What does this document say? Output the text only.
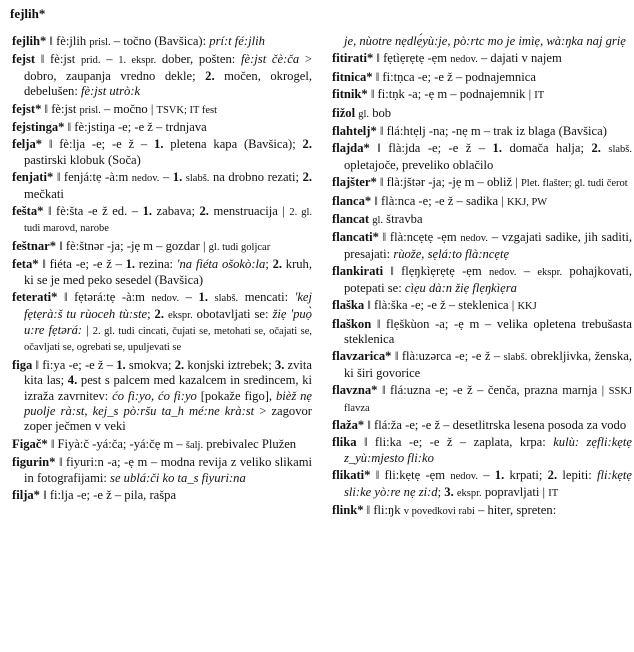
fejlih*
fejlih* ‖ fè:jlih prisl. – točno (Bavšica): prí:t fé:jlih
fejst ‖ fè:jst prid. – 1. ekspr. dober, pošten: fè:jst čè:ča > dobro, zaupanja vredno dekle; 2. močen, okrogel, debelušen: fè:jst utrò:k
fejst* ‖ fè:jst prisl. – močno | TSVK; IT fest
fejstinga* ‖ fè:jstiŋa -e; -e ž – trdnjava
felja* ‖ fè:lja -e; -e ž – 1. pletena kapa (Bavšica); 2. pastirski klobuk (Soča)
fenjati* ‖ fenjá:tẹ -à:m nedov. – 1. slabš. na drobno rezati; 2. mečkati
fešta* ‖ fè:šta -e ž ed. – 1. zabava; 2. menstruacija | 2. gl. tudi marovd, narobe
feštnar* ‖ fè:štnər -ja; -jẹ m – gozdar | gl. tudi goljcar
feta* ‖ fiéta -e; -e ž – 1. rezina: 'na fiéta ošokò:la; 2. kruh, ki se je med peko sesedel (Bavšica)
feterati* ‖ fẹtərá:tẹ -à:m nedov. – 1. slabš. mencati: 'kej fẹtẹrà:š tu rùoceh tù:ste; 2. ekspr. obotavljati se: žiẹ 'puọ̀ u:re fẹtərá: | 2. gl. tudi cincati, čujati se, metohati se, očajati se, očavljati se, ogrebati se, upuljevati se
figa ‖ fi:ya -e; -e ž – 1. smokva; 2. konjski iztrebek; 3. zvita kita las; 4. pest s palcem med kazalcem in sredincem, ki izraža zavrnitev: ćo fi:yo, ćo fi:yo [pokaže figo], bièž nẹ puolje rà:st, kej_s pò:ršu ta_h mé:ne krà:st > zagovor zoper ječmen v veki
Figač* ‖ Fiyà:č -yá:ča; -yá:čẹ m – šalj. prebivalec Plužen
figurin* ‖ fiyuri:n -a; -ẹ m – modna revija z veliko slikami in fotografijami: se ublá:či ko ta_s fiyuri:na
filja* ‖ fi:lja -e; -e ž – pila, rašpa
je, nùotre nẹdlẹ́yù:je, pò:rtc mo je imìẹ, wà:ŋka naj griẹ
fitirati* ‖ fẹtìẹrẹtẹ -ẹm nedov. – dajati v najem
fitnica* ‖ fi:tṇca -e; -e ž – podnajemnica
fitnik* ‖ fi:tṇk -a; -ẹ m – podnajemnik | IT
fižol gl. bob
flahtelj* ‖ flá:htẹlj -na; -nẹ m – trak iz blaga (Bavšica)
flajda* ‖ flà:jda -e; -e ž – 1. domača halja; 2. slabš. opletajoče, preveliko oblačilo
flajšter* ‖ flà:jštər -ja; -jẹ m – obliž | Plet. flašter; gl. tudi čerot
flanca* ‖ flà:nca -e; -e ž – sadika | KKJ, PW
flancat gl. štravba
flancati* ‖ flà:ncẹtẹ -ẹm nedov. – vzgajati sadike, jih saditi, presajati: rùože, sẹlá:to flà:ncẹtẹ
flankirati ‖ flẹŋkìẹrẹtẹ -ẹm nedov. – ekspr. pohajkovati, potepati se: cìẹu dà:n žiẹ flẹŋkìẹra
flaška ‖ flà:ška -e; -e ž – steklenica | KKJ
flaškon ‖ flẹškùon -a; -ẹ m – velika opletena trebušasta steklenica
flavzarica* ‖ flà:uzərca -e; -e ž – slabš. obrekljivka, ženska, ki širi govorice
flavzna* ‖ flá:uzna -e; -e ž – čenča, prazna marnja | SSKJ flavza
flaža* ‖ flá:ža -e; -e ž – desetlitrska lesena posoda za vodo
flika ‖ fli:ka -e; -e ž – zaplata, krpa: kulù: zẹfli:kẹtẹ z_yù:mjesto fli:ko
flikati* ‖ fli:kẹtẹ -ẹm nedov. – 1. krpati; 2. lepiti: fli:kẹtẹ sli:ke yò:re nẹ zi:d; 3. ekspr. popravljati | IT
flink* ‖ fli:ŋk v povedkovi rabi – hiter, spreten:
